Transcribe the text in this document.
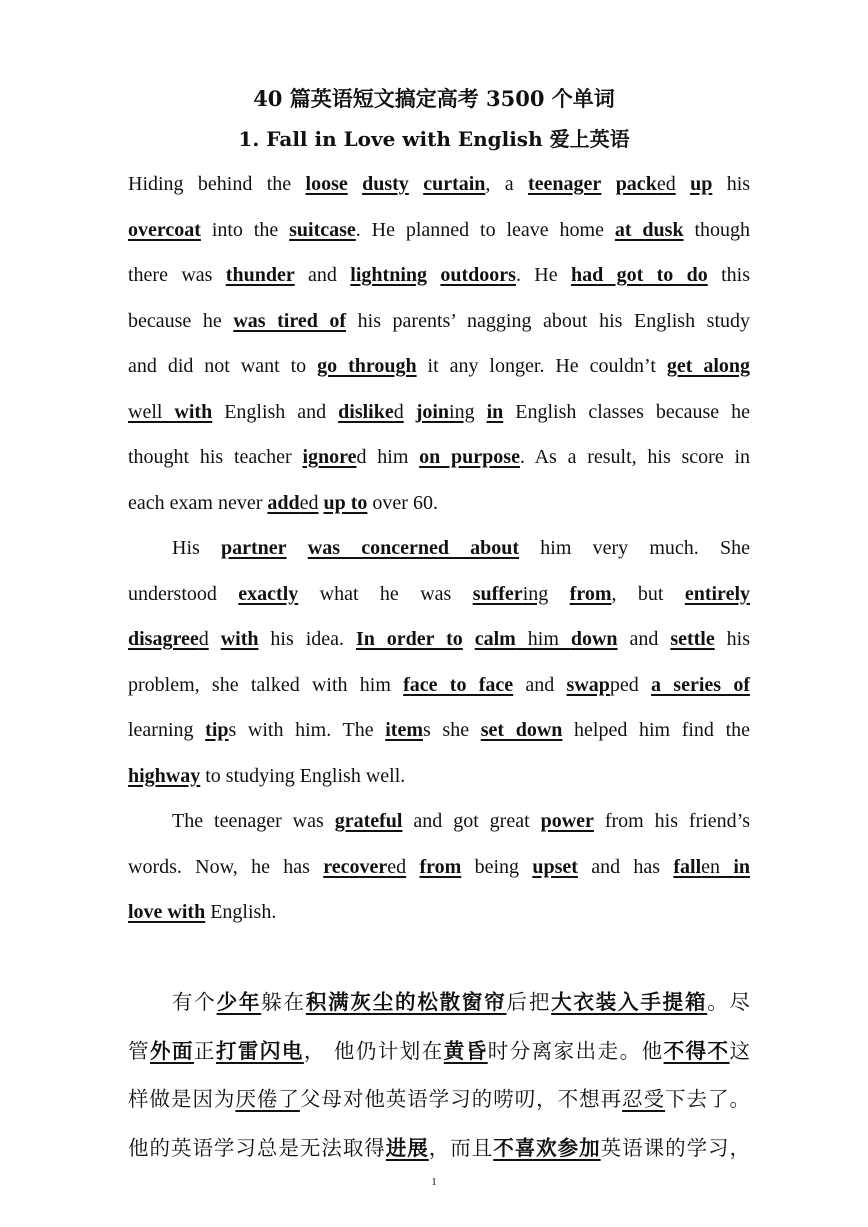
40 篇英语短文搞定高考 3500 个单词
1. Fall in Love with English 爱上英语

Hiding behind the loose dusty curtain, a teenager packed up his
overcoat into the suitcase. He planned to leave home at dusk though
there was thunder and lightning outdoors. He had got to do this
because he was tired of his parents’ nagging about his English study
and did not want to go through it any longer. He couldn’t get along
well with English and disliked joining in English classes because he
thought his teacher ignored him on purpose. As a result, his score in
each exam never added up to over 60.

His partner was concerned about him very much. She
understood exactly what he was suffering from, but entirely
disagreed with his idea. In order to calm him down and settle his
problem, she talked with him face to face and swapped a series of
learning tips with him. The items she set down helped him find the
highway to studying English well.

The teenager was grateful and got great power from his friend’s
words. Now, he has recovered from being upset and has fallen in
love with English.

有个少年躲在积满灰尘的松散窗帘后把大衣装入手提箱。尽
管外面正打雷闪电， 他仍计划在黄昏时分离家出走。他不得不这
样做是因为厌倦了父母对他英语学习的唠叨，不想再忍受下去了。
他的英语学习总是无法取得进展，而且不喜欢参加英语课的学习，

1
